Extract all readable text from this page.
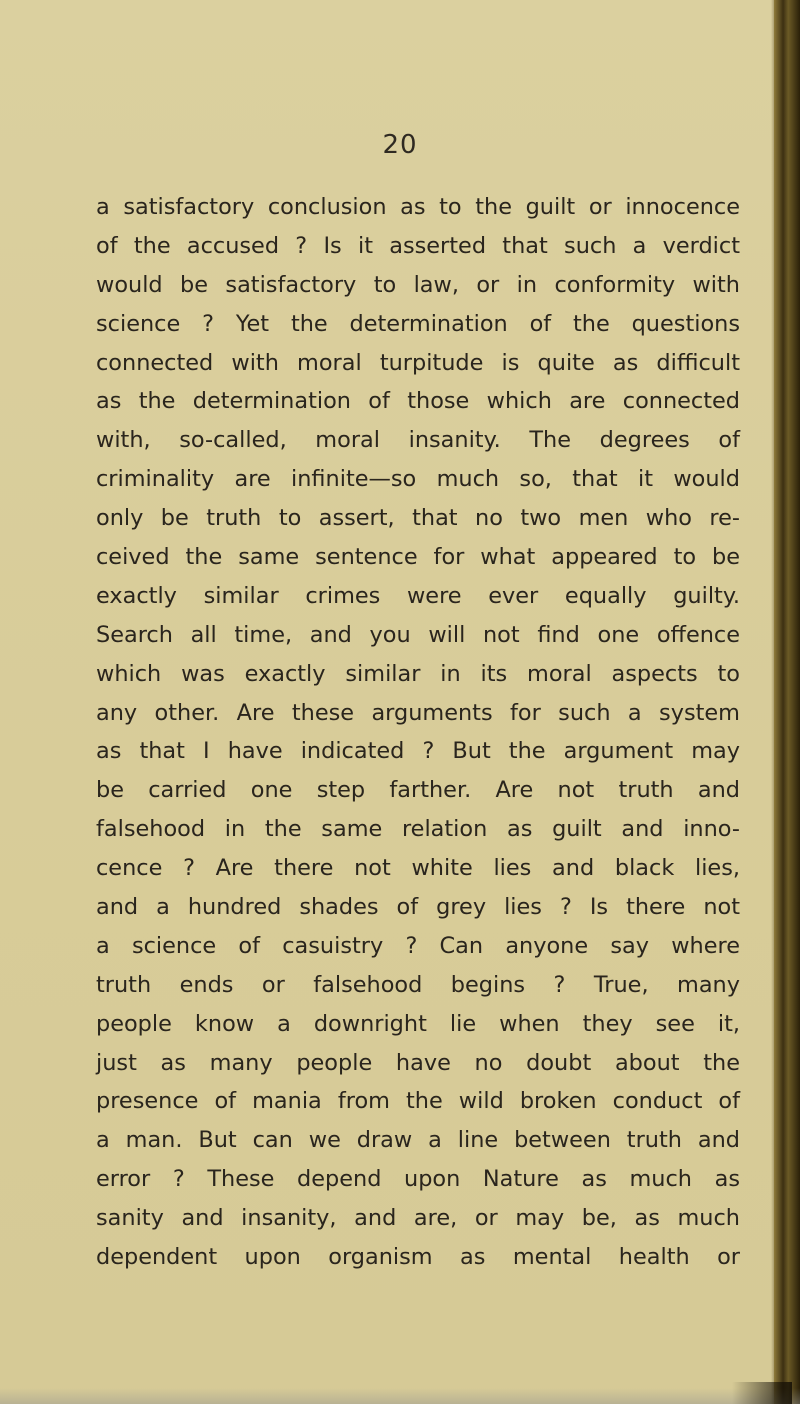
20
a satisfactory conclusion as to the guilt or innocence
of the accused ? Is it asserted that such a verdict
would be satisfactory to law, or in conformity with
science ? Yet the determination of the questions
connected with moral turpitude is quite as difficult
as the determination of those which are connected
with, so-called, moral insanity. The degrees of
criminality are infinite—so much so, that it would
only be truth to assert, that no two men who re-
ceived the same sentence for what appeared to be
exactly similar crimes were ever equally guilty.
Search all time, and you will not find one offence
which was exactly similar in its moral aspects to
any other. Are these arguments for such a system
as that I have indicated ? But the argument may
be carried one step farther. Are not truth and
falsehood in the same relation as guilt and inno-
cence ? Are there not white lies and black lies,
and a hundred shades of grey lies ? Is there not
a science of casuistry ? Can anyone say where
truth ends or falsehood begins ? True, many
people know a downright lie when they see it,
just as many people have no doubt about the
presence of mania from the wild broken conduct of
a man. But can we draw a line between truth and
error ? These depend upon Nature as much as
sanity and insanity, and are, or may be, as much
dependent upon organism as mental health or
